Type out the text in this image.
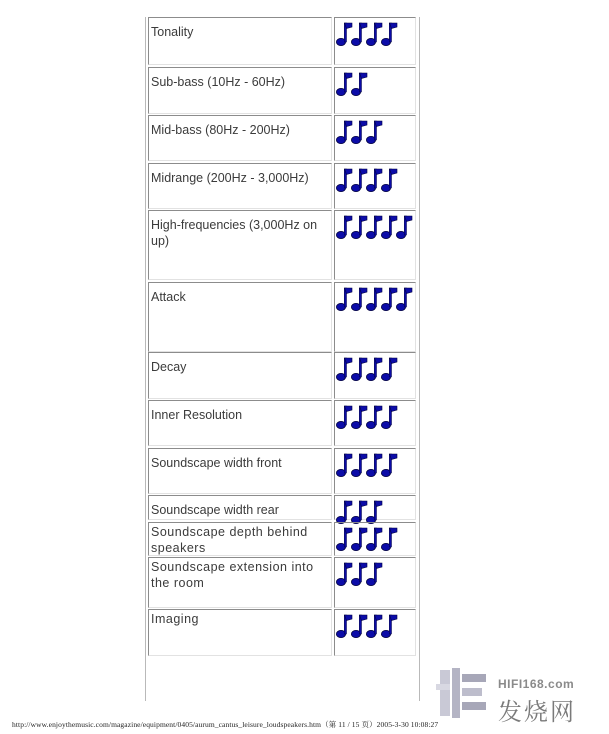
Tonality
Sub-bass (10Hz - 60Hz)
Mid-bass (80Hz - 200Hz)
Midrange (200Hz - 3,000Hz)
High-frequencies (3,000Hz on up)
Attack
Decay
Inner Resolution
Soundscape width front
Soundscape width rear
Soundscape depth behind speakers
Soundscape extension into the room
Imaging
http://www.enjoythemusic.com/magazine/equipment/0405/aurum_cantus_leisure_loudspeakers.htm（第 11 / 15 页）2005-3-30 10:08:27
HIFI168.com
发烧网
